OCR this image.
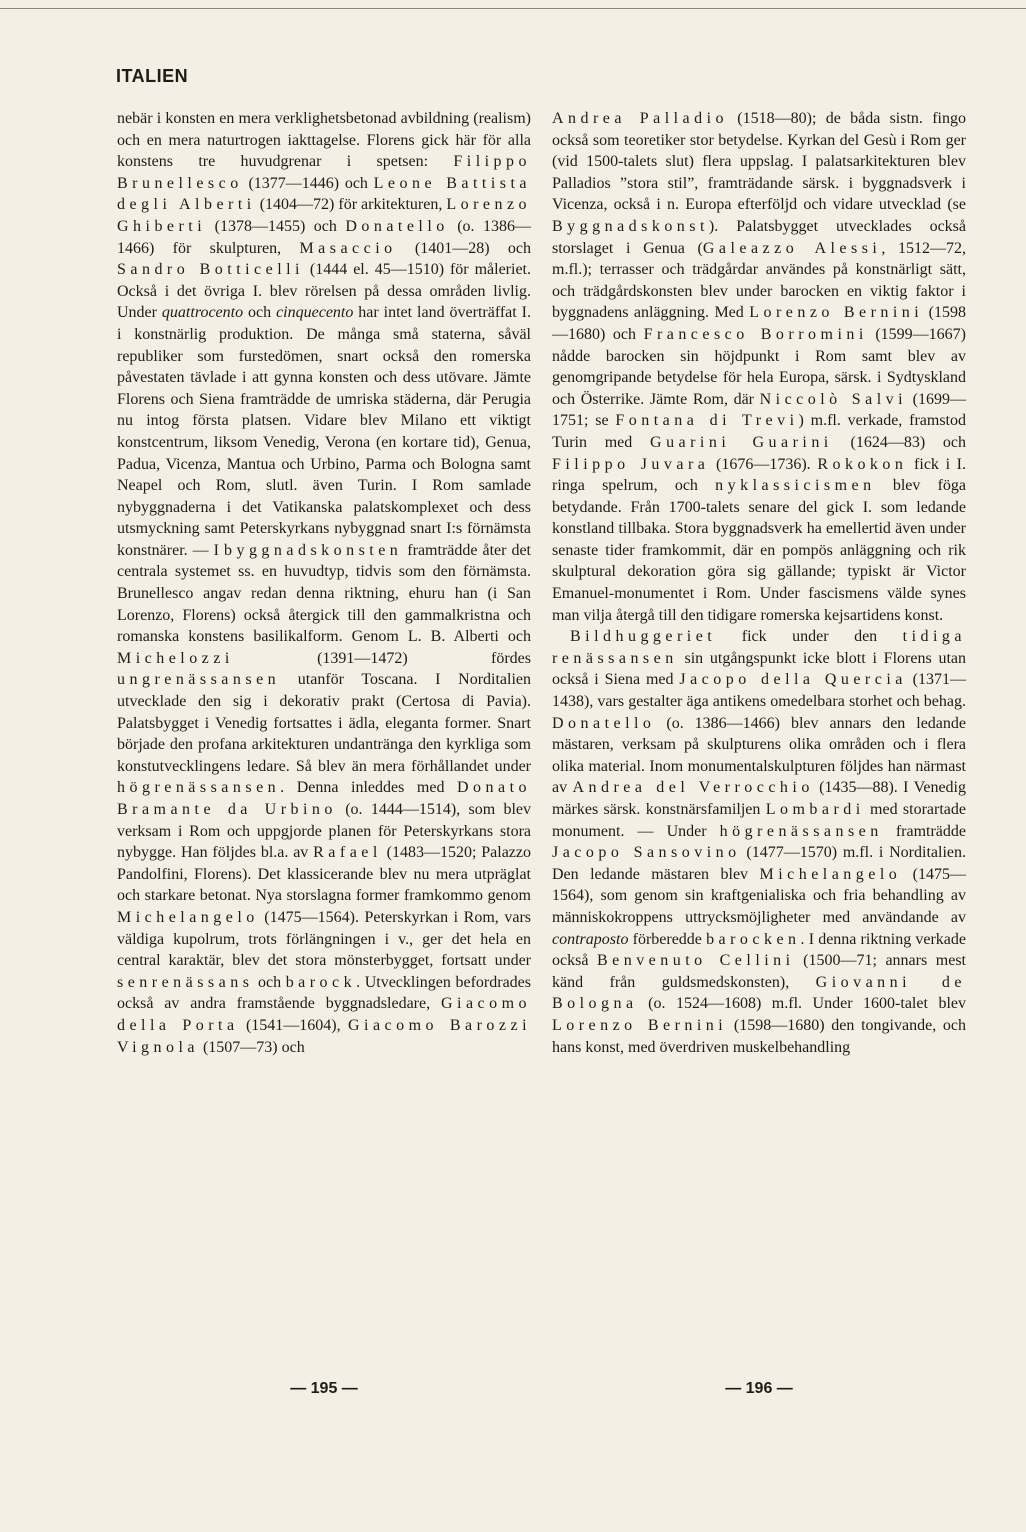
ITALIEN

nebär i konsten en mera verklighetsbetonad avbildning (realism) och en mera naturtrogen iakttagelse. Florens gick här för alla konstens tre huvudgrenar i spetsen: Filippo Brunellesco (1377—1446) och Leone Battista degli Alberti (1404—72) för arkitekturen, Lorenzo Ghiberti (1378—1455) och Donatello (o. 1386—1466) för skulpturen, Masaccio (1401—28) och Sandro Botticelli (1444 el. 45—1510) för måleriet. Också i det övriga I. blev rörelsen på dessa områden livlig. Under quattrocento och cinquecento har intet land överträffat I. i konstnärlig produktion. De många små staterna, såväl republiker som furstedömen, snart också den romerska påvestaten tävlade i att gynna konsten och dess utövare. Jämte Florens och Siena framträdde de umriska städerna, där Perugia nu intog första platsen. Vidare blev Milano ett viktigt konstcentrum, liksom Venedig, Verona (en kortare tid), Genua, Padua, Vicenza, Mantua och Urbino, Parma och Bologna samt Neapel och Rom, slutl. även Turin. I Rom samlade nybyggnaderna i det Vatikanska palatskomplexet och dess utsmyckning samt Peterskyrkans nybyggnad snart I:s förnämsta konstnärer. — I byggnadskonsten framträdde åter det centrala systemet ss. en huvudtyp, tidvis som den förnämsta. Brunellesco angav redan denna riktning, ehuru han (i San Lorenzo, Florens) också återgick till den gammalkristna och romanska konstens basilikalform. Genom L. B. Alberti och Michelozzi (1391—1472) fördes ungrenässansen utanför Toscana. I Norditalien utvecklade den sig i dekorativ prakt (Certosa di Pavia). Palatsbygget i Venedig fortsattes i ädla, eleganta former. Snart började den profana arkitekturen undantränga den kyrkliga som konstutvecklingens ledare. Så blev än mera förhållandet under högrenässansen. Denna inleddes med Donato Bramante da Urbino (o. 1444—1514), som blev verksam i Rom och uppgjorde planen för Peterskyrkans stora nybygge. Han följdes bl.a. av Rafael (1483—1520; Palazzo Pandolfini, Florens). Det klassicerande blev nu mera utpräglat och starkare betonat. Nya storslagna former framkommo genom Michelangelo (1475—1564). Peterskyrkan i Rom, vars väldiga kupolrum, trots förlängningen i v., ger det hela en central karaktär, blev det stora mönsterbygget, fortsatt under senrenässans och barock. Utvecklingen befordrades också av andra framstående byggnadsledare, Giacomo della Porta (1541—1604), Giacomo Barozzi Vignola (1507—73) och

Andrea Palladio (1518—80); de båda sistn. fingo också som teoretiker stor betydelse. Kyrkan del Gesù i Rom ger (vid 1500-talets slut) flera uppslag. I palatsarkitekturen blev Palladios ”stora stil”, framträdande särsk. i byggnadsverk i Vicenza, också i n. Europa efterföljd och vidare utvecklad (se Byggnadskonst). Palatsbygget utvecklades också storslaget i Genua (Galeazzo Alessi, 1512—72, m.fl.); terrasser och trädgårdar användes på konstnärligt sätt, och trädgårdskonsten blev under barocken en viktig faktor i byggnadens anläggning. Med Lorenzo Bernini (1598—1680) och Francesco Borromini (1599—1667) nådde barocken sin höjdpunkt i Rom samt blev av genomgripande betydelse för hela Europa, särsk. i Sydtyskland och Österrike. Jämte Rom, där Niccolò Salvi (1699—1751; se Fontana di Trevi) m.fl. verkade, framstod Turin med Guarini Guarini (1624—83) och Filippo Juvara (1676—1736). Rokokon fick i I. ringa spelrum, och nyklassicismen blev föga betydande. Från 1700-talets senare del gick I. som ledande konstland tillbaka. Stora byggnadsverk ha emellertid även under senaste tider framkommit, där en pompös anläggning och rik skulptural dekoration göra sig gällande; typiskt är Victor Emanuel-monumentet i Rom. Under fascismens välde synes man vilja återgå till den tidigare romerska kejsartidens konst.

Bildhuggeriet fick under den tidiga renässansen sin utgångspunkt icke blott i Florens utan också i Siena med Jacopo della Quercia (1371—1438), vars gestalter äga antikens omedelbara storhet och behag. Donatello (o. 1386—1466) blev annars den ledande mästaren, verksam på skulpturens olika områden och i flera olika material. Inom monumentalskulpturen följdes han närmast av Andrea del Verrocchio (1435—88). I Venedig märkes särsk. konstnärsfamiljen Lombardi med storartade monument. — Under högrenässansen framträdde Jacopo Sansovino (1477—1570) m.fl. i Norditalien. Den ledande mästaren blev Michelangelo (1475—1564), som genom sin kraftgenialiska och fria behandling av människokroppens uttrycksmöjligheter med användande av contraposto förberedde barocken. I denna riktning verkade också Benvenuto Cellini (1500—71; annars mest känd från guldsmedskonsten), Giovanni de Bologna (o. 1524—1608) m.fl. Under 1600-talet blev Lorenzo Bernini (1598—1680) den tongivande, och hans konst, med överdriven muskelbehandling

— 195 —	— 196 —
